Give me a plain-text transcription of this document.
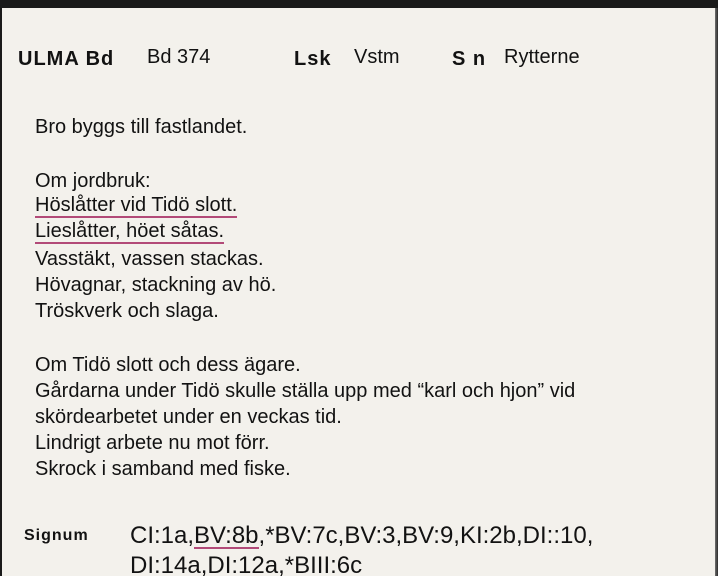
ULMA Bd Bd 374	Lsk Vstm	S n Rytterne
Bro byggs till fastlandet.
Om jordbruk:
Höslåtter vid Tidö slott.
Lieslåtter, höet såtas.
Vasstäkt, vassen stackas.
Hövagnar, stackning av hö.
Tröskverk och slaga.
Om Tidö slott och dess ägare.
Gårdarna under Tidö skulle ställa upp med “karl och hjon” vid
skördearbetet under en veckas tid.
Lindrigt arbete nu mot förr.
Skrock i samband med fiske.
Signum CI:1a,BV:8b,*BV:7c,BV:3,BV:9,KI:2b,DI::10,
DI:14a,DI:12a,*BIII:6c
